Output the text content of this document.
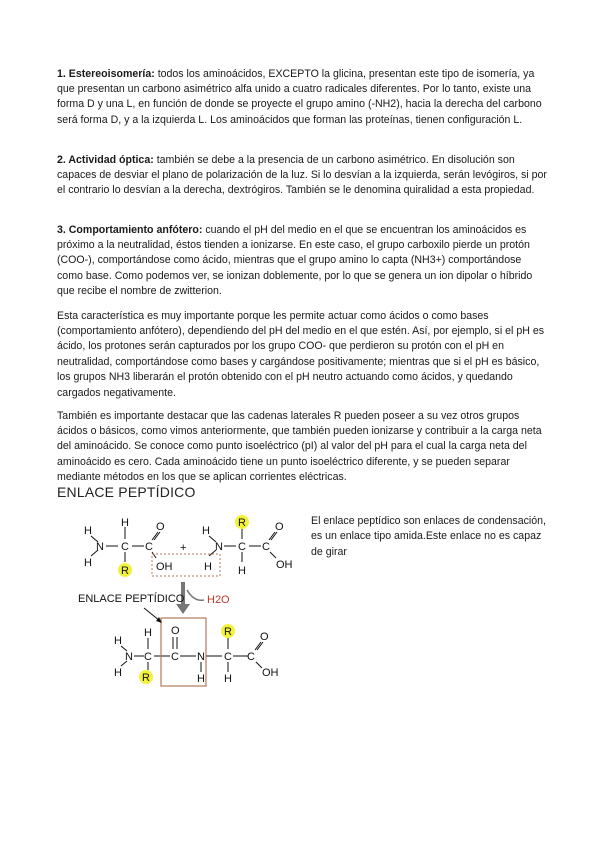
1. Estereoisomería: todos los aminoácidos, EXCEPTO la glicina, presentan este tipo de isomería, ya que presentan un carbono asimétrico alfa unido a cuatro radicales diferentes. Por lo tanto, existe una forma D y una L, en función de donde se proyecte el grupo amino (-NH2), hacia la derecha del carbono será forma D, y a la izquierda L. Los aminoácidos que forman las proteínas, tienen configuración L.

2. Actividad óptica: también se debe a la presencia de un carbono asimétrico. En disolución son capaces de desviar el plano de polarización de la luz. Si lo desvían a la izquierda, serán levógiros, si por el contrario lo desvían a la derecha, dextrógiros. También se le denomina quiralidad a esta propiedad.

3. Comportamiento anfótero: cuando el pH del medio en el que se encuentran los aminoácidos es próximo a la neutralidad, éstos tienden a ionizarse. En este caso, el grupo carboxilo pierde un protón (COO-), comportándose como ácido, mientras que el grupo amino lo capta (NH3+) comportándose como base. Como podemos ver, se ionizan doblemente, por lo que se genera un ion dipolar o híbrido que recibe el nombre de zwitterion.

Esta característica es muy importante porque les permite actuar como ácidos o como bases (comportamiento anfótero), dependiendo del pH del medio en el que estén. Así, por ejemplo, si el pH es ácido, los protones serán capturados por los grupo COO- que perdieron su protón con el pH en neutralidad, comportándose como bases y cargándose positivamente; mientras que si el pH es básico, los grupos NH3 liberarán el protón obtenido con el pH neutro actuando como ácidos, y quedando cargados negativamente.

También es importante destacar que las cadenas laterales R pueden poseer a su vez otros grupos ácidos o básicos, como vimos anteriormente, que también pueden ionizarse y contribuir a la carga neta del aminoácido. Se conoce como punto isoeléctrico (pI) al valor del pH para el cual la carga neta del aminoácido es cero. Cada aminoácido tiene un punto isoeléctrico diferente, y se pueden separar mediante métodos en los que se aplican corrientes eléctricas.

ENLACE PEPTÍDICO
El enlace peptídico son enlaces de condensación, es un enlace tipo amida.Este enlace no es capaz de girar
H
N
H
H
C
R
C
O
OH
+
H
N
H
R
C
H
C
O
OH
H2O
ENLACE PEPTÍDICO
H
N
H
H
C
R
O
C N
H
R
C
H
C
O
OH
